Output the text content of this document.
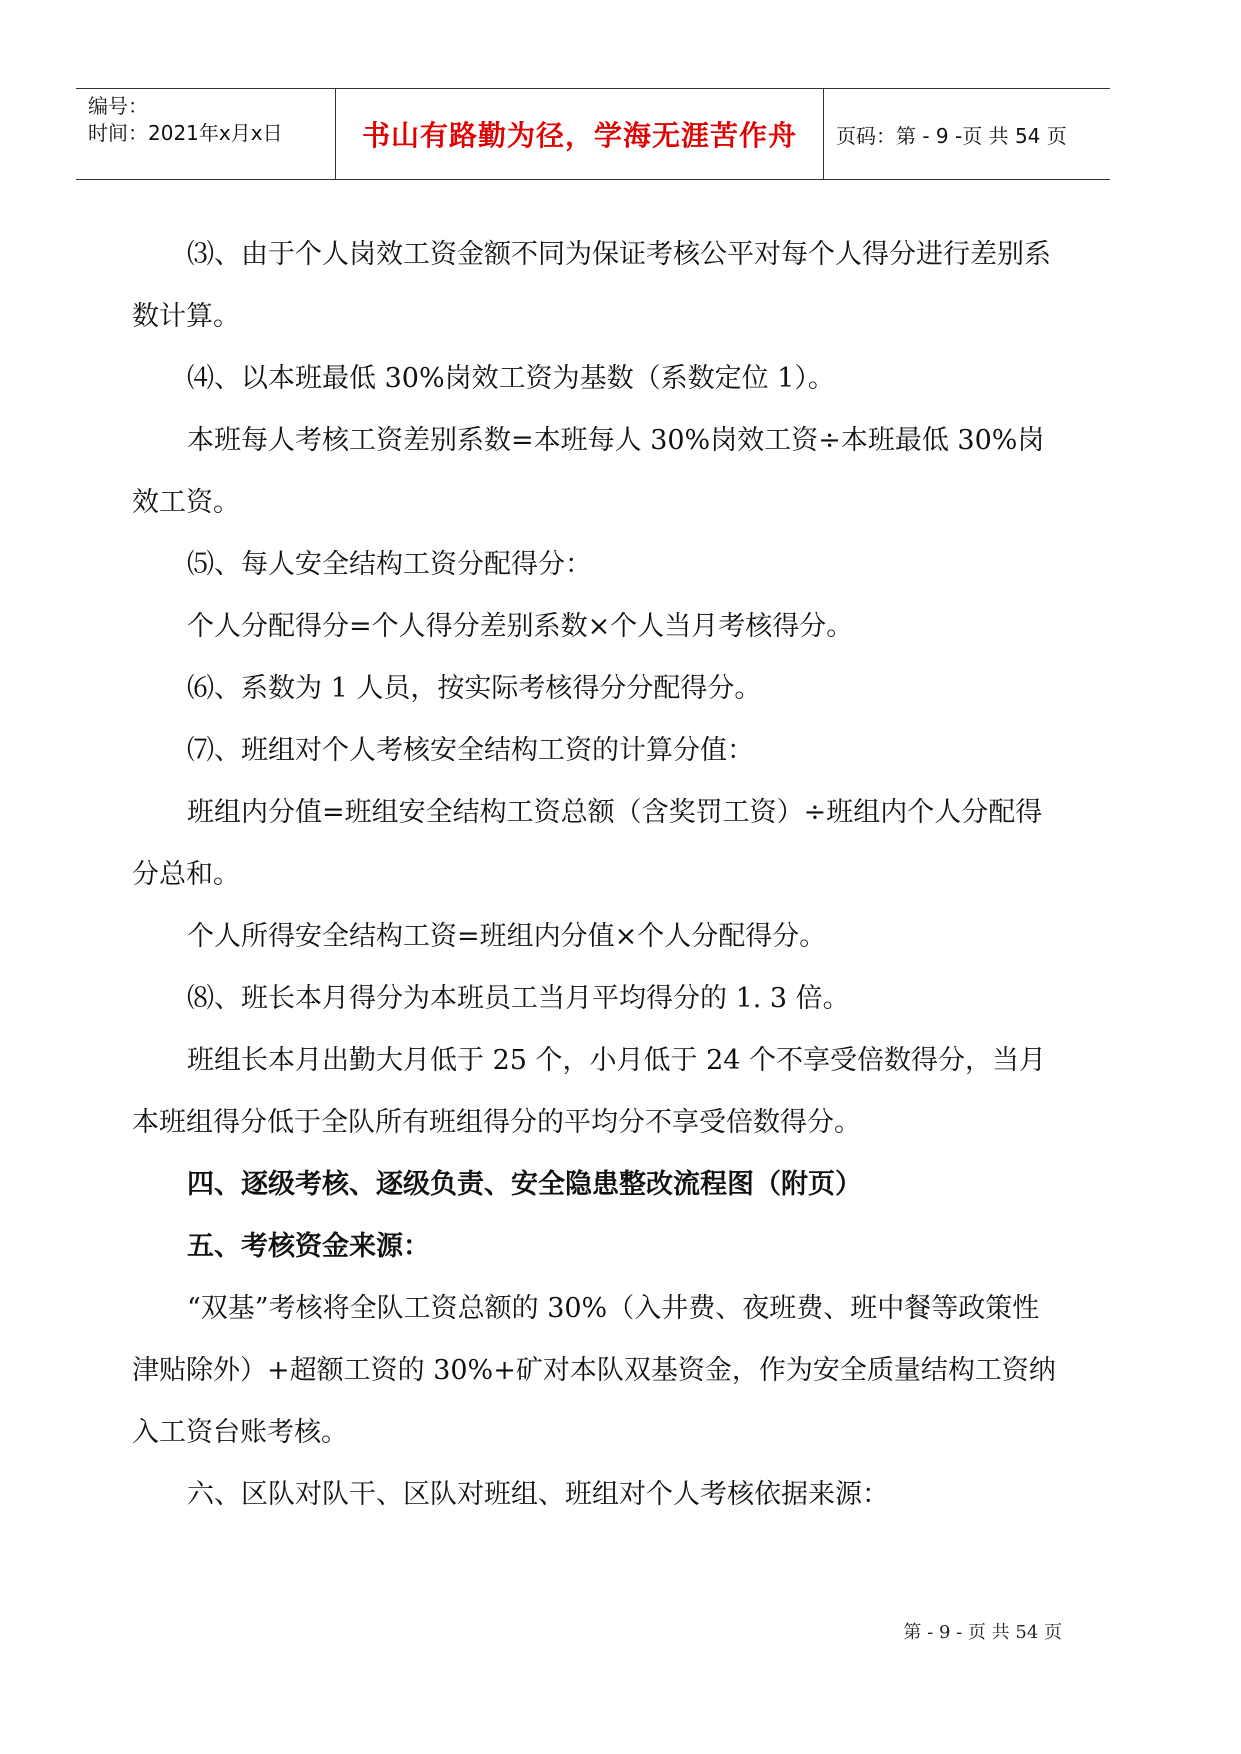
编号：
时间：2021年x月x日	书山有路勤为径，学海无涯苦作舟	页码：第 - 9 -页 共 54 页

⑶、由于个人岗效工资金额不同为保证考核公平对每个人得分进行差别系数计算。

⑷、以本班最低 30%岗效工资为基数（系数定位 1）。

本班每人考核工资差别系数=本班每人 30%岗效工资÷本班最低 30%岗效工资。

⑸、每人安全结构工资分配得分：

个人分配得分=个人得分差别系数×个人当月考核得分。

⑹、系数为 1 人员，按实际考核得分分配得分。

⑺、班组对个人考核安全结构工资的计算分值：

班组内分值=班组安全结构工资总额（含奖罚工资）÷班组内个人分配得分总和。

个人所得安全结构工资=班组内分值×个人分配得分。

⑻、班长本月得分为本班员工当月平均得分的 1. 3 倍。

班组长本月出勤大月低于 25 个，小月低于 24 个不享受倍数得分，当月本班组得分低于全队所有班组得分的平均分不享受倍数得分。

四、逐级考核、逐级负责、安全隐患整改流程图（附页）

五、考核资金来源：

“双基”考核将全队工资总额的 30%（入井费、夜班费、班中餐等政策性津贴除外）+超额工资的 30%+矿对本队双基资金，作为安全质量结构工资纳入工资台账考核。

六、区队对队干、区队对班组、班组对个人考核依据来源：

第 - 9 - 页 共 54 页
